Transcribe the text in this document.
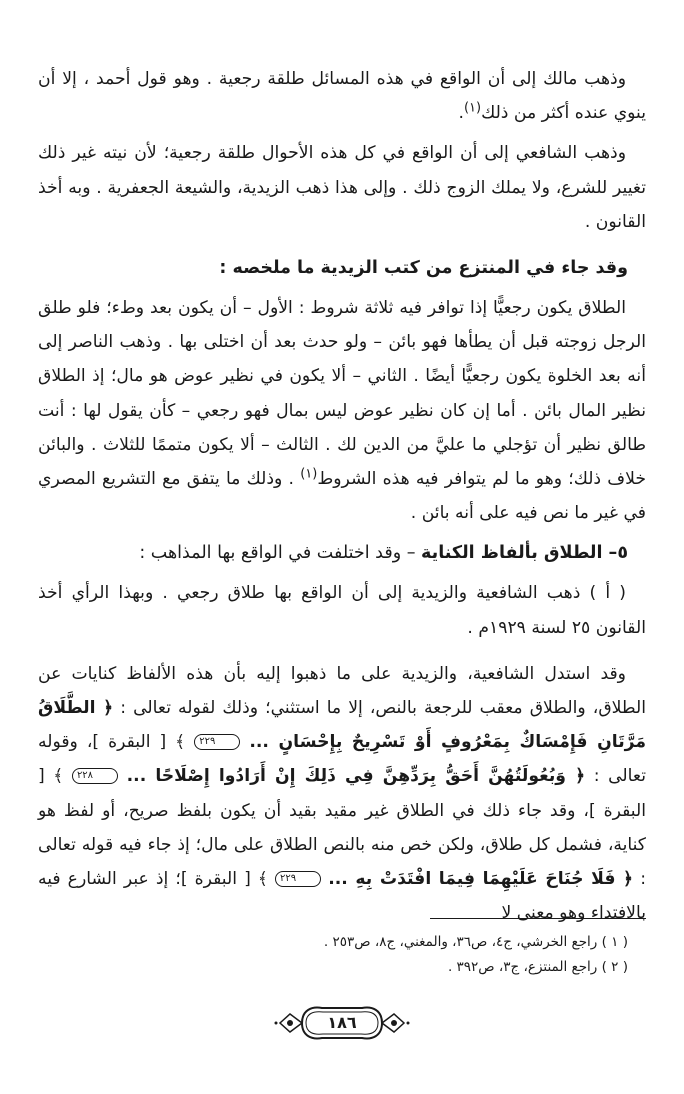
وذهب مالك إلى أن الواقع في هذه المسائل طلقة رجعية . وهو قول أحمد ، إلا أن ينوي عنده أكثر من ذلك$^{(١)}$.

وذهب الشافعي إلى أن الواقع في كل هذه الأحوال طلقة رجعية؛ لأن نيته غير ذلك تغيير للشرع، ولا يملك الزوج ذلك . وإلى هذا ذهب الزيدية، والشيعة الجعفرية . وبه أخذ القانون .

وقد جاء في المنتزع من كتب الزيدية ما ملخصه :

الطلاق يكون رجعيًّا إذا توافر فيه ثلاثة شروط : الأول – أن يكون بعد وطء؛ فلو طلق الرجل زوجته قبل أن يطأها فهو بائن – ولو حدث بعد أن اختلى بها . وذهب الناصر إلى أنه بعد الخلوة يكون رجعيًّا أيضًا . الثاني – ألا يكون في نظير عوض هو مال؛ إذ الطلاق نظير المال بائن . أما إن كان نظير عوض ليس بمال فهو رجعي – كأن يقول لها : أنت طالق نظير أن تؤجلي ما عليَّ من الدين لك . الثالث – ألا يكون متممًا للثلاث . والبائن خلاف ذلك؛ وهو ما لم يتوافر فيه هذه الشروط$^{(١)}$ . وذلك ما يتفق مع التشريع المصري في غير ما نص فيه على أنه بائن .

٥– الطلاق بألفاظ الكناية – وقد اختلفت في الواقع بها المذاهب :

( أ ) ذهب الشافعية والزيدية إلى أن الواقع بها طلاق رجعي . وبهذا الرأي أخذ القانون ٢٥ لسنة ١٩٢٩م .

وقد استدل الشافعية، والزيدية على ما ذهبوا إليه بأن هذه الألفاظ كنايات عن الطلاق، والطلاق معقب للرجعة بالنص، إلا ما استثني؛ وذلك لقوله تعالى : ﴿ الطَّلَاقُ مَرَّتَانِ فَإِمْسَاكٌ بِمَعْرُوفٍ أَوْ تَسْرِيحٌ بِإِحْسَانٍ ... ٢٢٩ ﴾ [ البقرة ]، وقوله تعالى : ﴿ وَبُعُولَتُهُنَّ أَحَقُّ بِرَدِّهِنَّ فِي ذَلِكَ إِنْ أَرَادُوا إِصْلَاحًا ... ٢٢٨ ﴾ [ البقرة ]، وقد جاء ذلك في الطلاق غير مقيد بقيد أن يكون بلفظ صريح، أو لفظ هو كناية، فشمل كل طلاق، ولكن خص منه بالنص الطلاق على مال؛ إذ جاء فيه قوله تعالى : ﴿ فَلَا جُنَاحَ عَلَيْهِمَا فِيمَا افْتَدَتْ بِهِ ... ٢٢٩ ﴾ [ البقرة ]؛ إذ عبر الشارع فيه بالافتداء وهو معنى لا

( ١ ) راجع الخرشي، ج٤، ص٣٦، والمغني، ج٨، ص٢٥٣ .
( ٢ ) راجع المنتزع، ج٣، ص٣٩٢ .
١٨٦
